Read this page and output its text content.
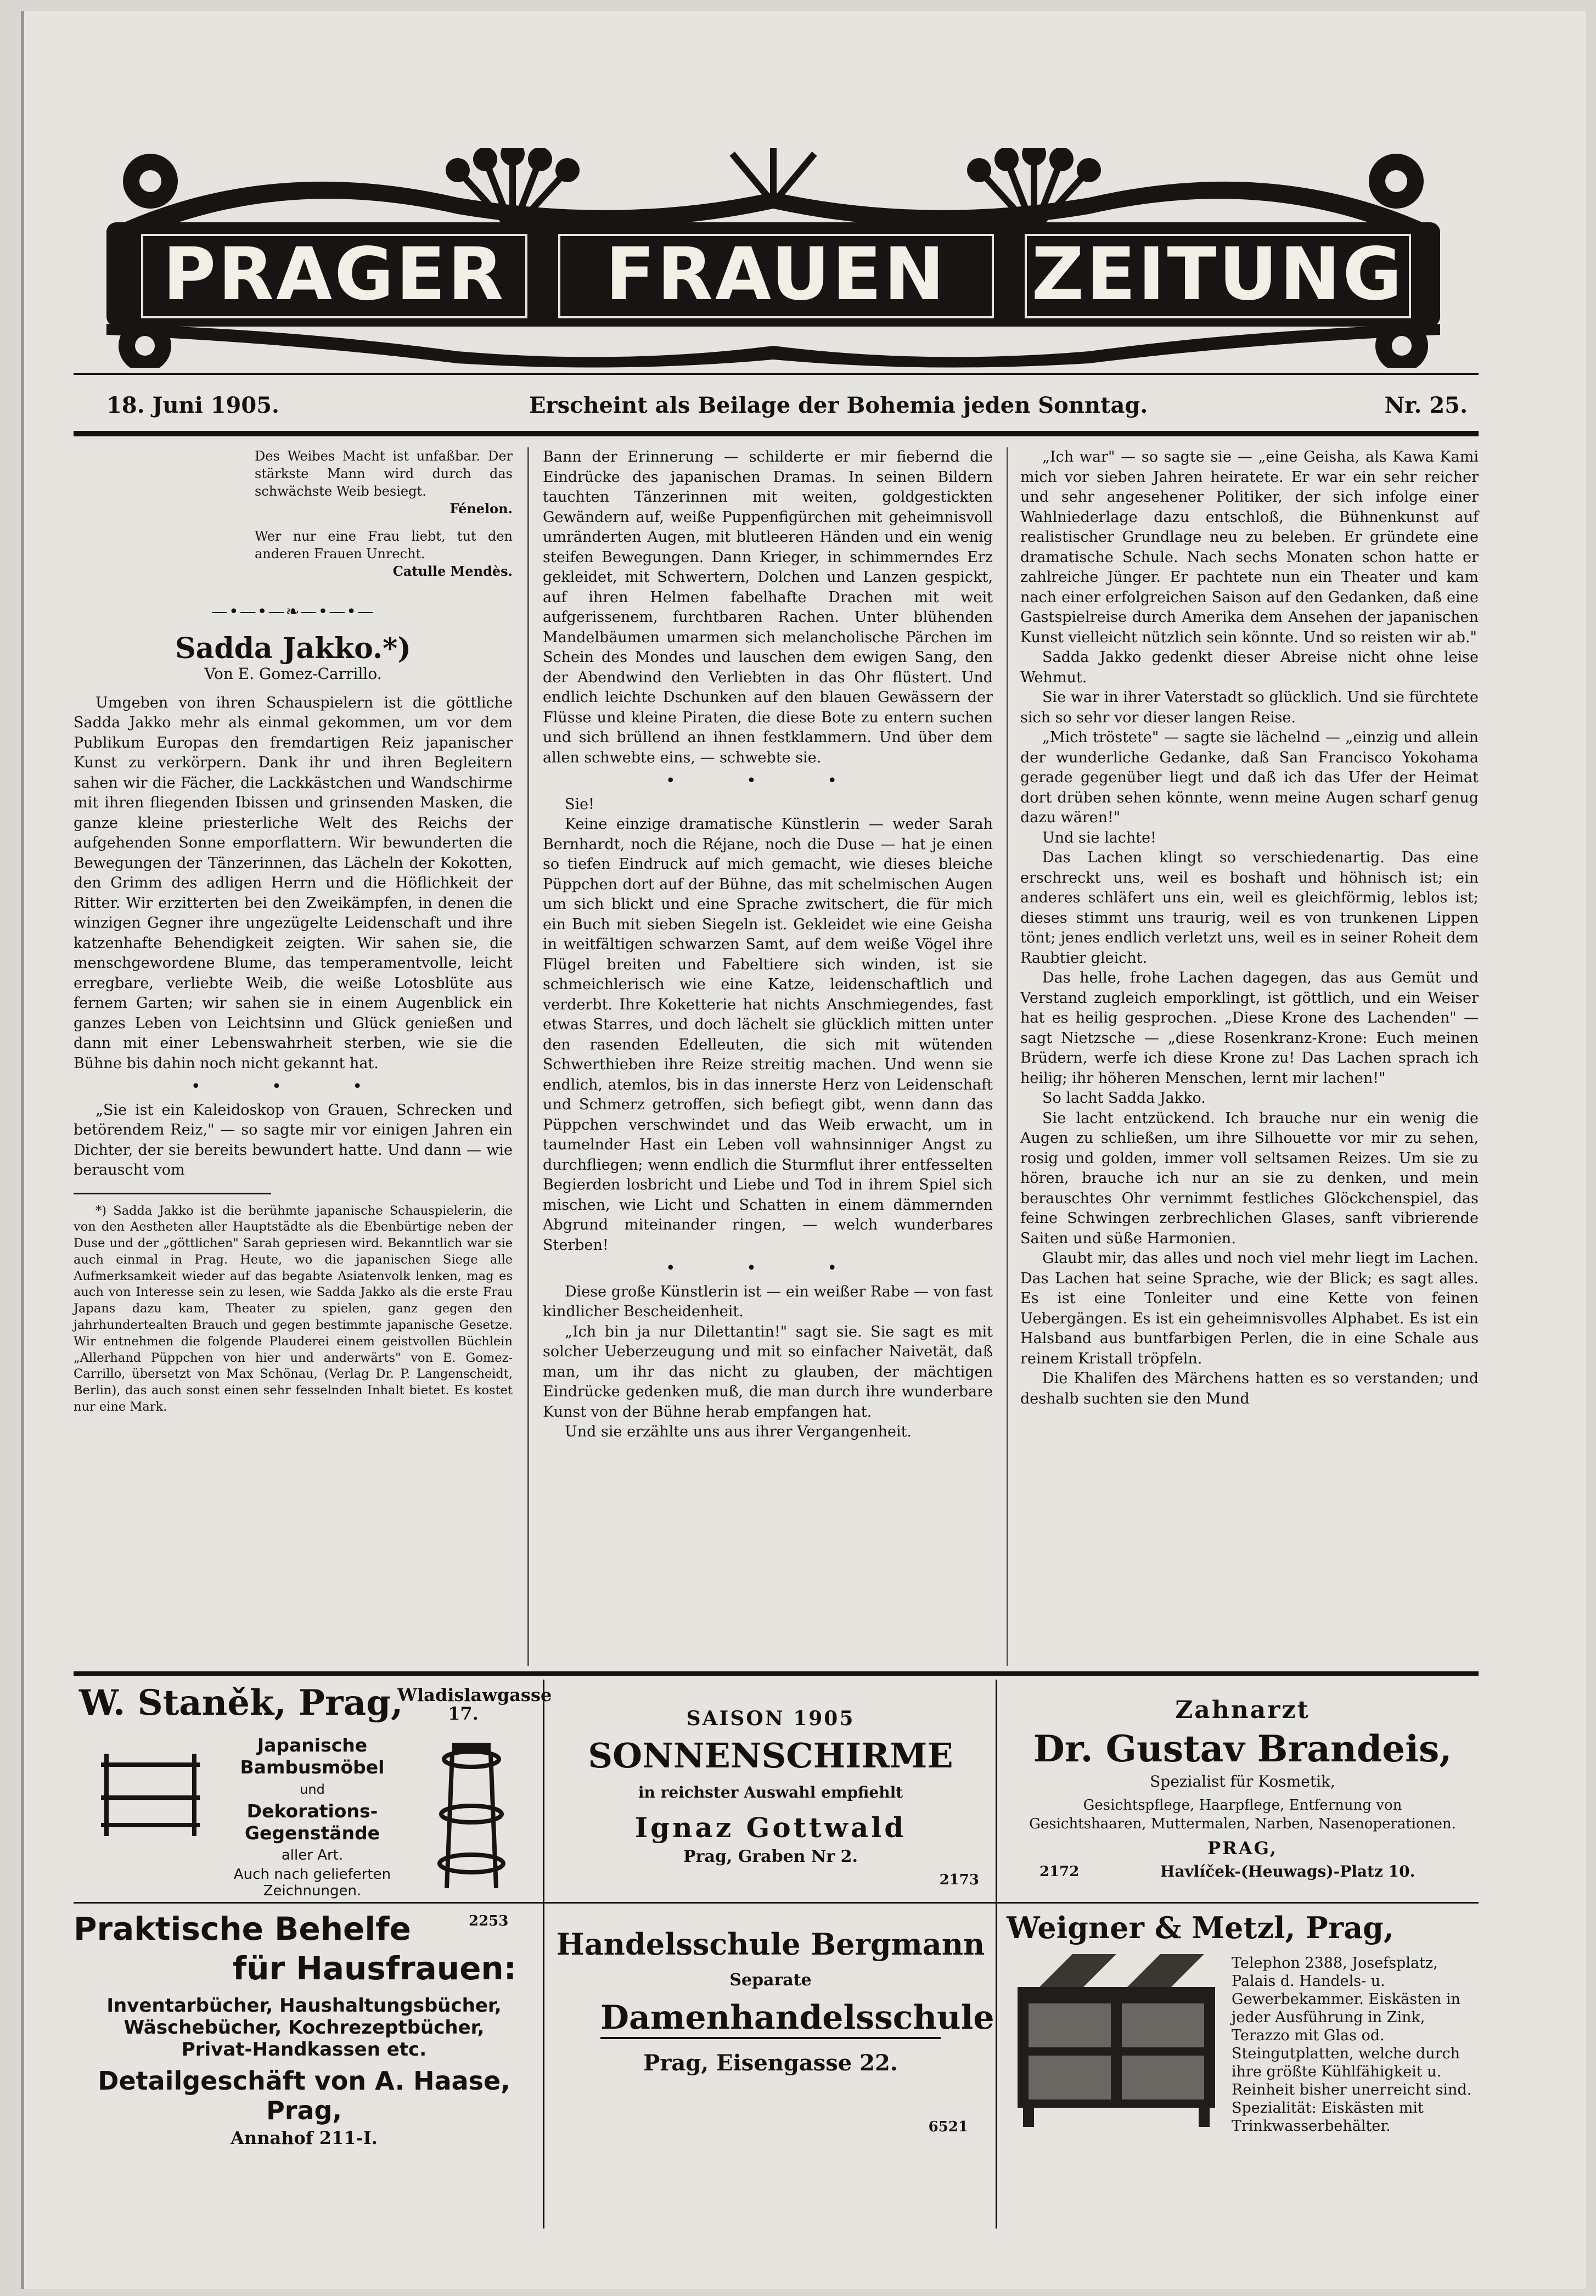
PRAGER	FRAUEN	ZEITUNG
18. Juni 1905.	Erscheint als Beilage der Bohemia jeden Sonntag.	Nr. 25.
Des Weibes Macht ist unfaßbar. Der stärkste Mann wird durch das schwächste Weib besiegt.
Fénelon.
Wer nur eine Frau liebt, tut den anderen Frauen Unrecht.
Catulle Mendès.
—•—•—❧—•—•—
Sadda Jakko.*)
Von E. Gomez-Carrillo.

Umgeben von ihren Schauspielern ist die göttliche Sadda Jakko mehr als einmal gekommen, um vor dem Publikum Europas den fremdartigen Reiz japanischer Kunst zu verkörpern. Dank ihr und ihren Begleitern sahen wir die Fächer, die Lackkästchen und Wandschirme mit ihren fliegenden Ibissen und grinsenden Masken, die ganze kleine priesterliche Welt des Reichs der aufgehenden Sonne emporflattern. Wir bewunderten die Bewegungen der Tänzerinnen, das Lächeln der Kokotten, den Grimm des adligen Herrn und die Höflichkeit der Ritter. Wir erzitterten bei den Zweikämpfen, in denen die winzigen Gegner ihre ungezügelte Leidenschaft und ihre katzenhafte Behendigkeit zeigten. Wir sahen sie, die menschgewordene Blume, das temperamentvolle, leicht erregbare, verliebte Weib, die weiße Lotosblüte aus fernem Garten; wir sahen sie in einem Augenblick ein ganzes Leben von Leichtsinn und Glück genießen und dann mit einer Lebenswahrheit sterben, wie sie die Bühne bis dahin noch nicht gekannt hat.

• • •

„Sie ist ein Kaleidoskop von Grauen, Schrecken und betörendem Reiz," — so sagte mir vor einigen Jahren ein Dichter, der sie bereits bewundert hatte. Und dann — wie berauscht vom

*) Sadda Jakko ist die berühmte japanische Schauspielerin, die von den Aestheten aller Hauptstädte als die Ebenbürtige neben der Duse und der „göttlichen" Sarah gepriesen wird. Bekanntlich war sie auch einmal in Prag. Heute, wo die japanischen Siege alle Aufmerksamkeit wieder auf das begabte Asiatenvolk lenken, mag es auch von Interesse sein zu lesen, wie Sadda Jakko als die erste Frau Japans dazu kam, Theater zu spielen, ganz gegen den jahrhundertealten Brauch und gegen bestimmte japanische Gesetze. Wir entnehmen die folgende Plauderei einem geistvollen Büchlein „Allerhand Püppchen von hier und anderwärts" von E. Gomez-Carrillo, übersetzt von Max Schönau, (Verlag Dr. P. Langenscheidt, Berlin), das auch sonst einen sehr fesselnden Inhalt bietet. Es kostet nur eine Mark.

Bann der Erinnerung — schilderte er mir fiebernd die Eindrücke des japanischen Dramas. In seinen Bildern tauchten Tänzerinnen mit weiten, goldgestickten Gewändern auf, weiße Puppenfigürchen mit geheimnisvoll umränderten Augen, mit blutleeren Händen und ein wenig steifen Bewegungen. Dann Krieger, in schimmerndes Erz gekleidet, mit Schwertern, Dolchen und Lanzen gespickt, auf ihren Helmen fabelhafte Drachen mit weit aufgerissenem, furchtbaren Rachen. Unter blühenden Mandelbäumen umarmen sich melancholische Pärchen im Schein des Mondes und lauschen dem ewigen Sang, den der Abendwind den Verliebten in das Ohr flüstert. Und endlich leichte Dschunken auf den blauen Gewässern der Flüsse und kleine Piraten, die diese Bote zu entern suchen und sich brüllend an ihnen festklammern. Und über dem allen schwebte eins, — schwebte sie.

• • •

Sie!

Keine einzige dramatische Künstlerin — weder Sarah Bernhardt, noch die Réjane, noch die Duse — hat je einen so tiefen Eindruck auf mich gemacht, wie dieses bleiche Püppchen dort auf der Bühne, das mit schelmischen Augen um sich blickt und eine Sprache zwitschert, die für mich ein Buch mit sieben Siegeln ist. Gekleidet wie eine Geisha in weitfältigen schwarzen Samt, auf dem weiße Vögel ihre Flügel breiten und Fabeltiere sich winden, ist sie schmeichlerisch wie eine Katze, leidenschaftlich und verderbt. Ihre Koketterie hat nichts Anschmiegendes, fast etwas Starres, und doch lächelt sie glücklich mitten unter den rasenden Edelleuten, die sich mit wütenden Schwerthieben ihre Reize streitig machen. Und wenn sie endlich, atemlos, bis in das innerste Herz von Leidenschaft und Schmerz getroffen, sich befiegt gibt, wenn dann das Püppchen verschwindet und das Weib erwacht, um in taumelnder Hast ein Leben voll wahnsinniger Angst zu durchfliegen; wenn endlich die Sturmflut ihrer entfesselten Begierden losbricht und Liebe und Tod in ihrem Spiel sich mischen, wie Licht und Schatten in einem dämmernden Abgrund miteinander ringen, — welch wunderbares Sterben!

• • •

Diese große Künstlerin ist — ein weißer Rabe — von fast kindlicher Bescheidenheit.

„Ich bin ja nur Dilettantin!" sagt sie. Sie sagt es mit solcher Ueberzeugung und mit so einfacher Naivetät, daß man, um ihr das nicht zu glauben, der mächtigen Eindrücke gedenken muß, die man durch ihre wunderbare Kunst von der Bühne herab empfangen hat.

Und sie erzählte uns aus ihrer Vergangenheit.

„Ich war" — so sagte sie — „eine Geisha, als Kawa Kami mich vor sieben Jahren heiratete. Er war ein sehr reicher und sehr angesehener Politiker, der sich infolge einer Wahlniederlage dazu entschloß, die Bühnenkunst auf realistischer Grundlage neu zu beleben. Er gründete eine dramatische Schule. Nach sechs Monaten schon hatte er zahlreiche Jünger. Er pachtete nun ein Theater und kam nach einer erfolgreichen Saison auf den Gedanken, daß eine Gastspielreise durch Amerika dem Ansehen der japanischen Kunst vielleicht nützlich sein könnte. Und so reisten wir ab."

Sadda Jakko gedenkt dieser Abreise nicht ohne leise Wehmut.

Sie war in ihrer Vaterstadt so glücklich. Und sie fürchtete sich so sehr vor dieser langen Reise.

„Mich tröstete" — sagte sie lächelnd — „einzig und allein der wunderliche Gedanke, daß San Francisco Yokohama gerade gegenüber liegt und daß ich das Ufer der Heimat dort drüben sehen könnte, wenn meine Augen scharf genug dazu wären!"

Und sie lachte!

Das Lachen klingt so verschiedenartig. Das eine erschreckt uns, weil es boshaft und höhnisch ist; ein anderes schläfert uns ein, weil es gleichförmig, leblos ist; dieses stimmt uns traurig, weil es von trunkenen Lippen tönt; jenes endlich verletzt uns, weil es in seiner Roheit dem Raubtier gleicht.

Das helle, frohe Lachen dagegen, das aus Gemüt und Verstand zugleich emporklingt, ist göttlich, und ein Weiser hat es heilig gesprochen. „Diese Krone des Lachenden" — sagt Nietzsche — „diese Rosenkranz-Krone: Euch meinen Brüdern, werfe ich diese Krone zu! Das Lachen sprach ich heilig; ihr höheren Menschen, lernt mir lachen!"

So lacht Sadda Jakko.

Sie lacht entzückend. Ich brauche nur ein wenig die Augen zu schließen, um ihre Silhouette vor mir zu sehen, rosig und golden, immer voll seltsamen Reizes. Um sie zu hören, brauche ich nur an sie zu denken, und mein berauschtes Ohr vernimmt festliches Glöckchenspiel, das feine Schwingen zerbrechlichen Glases, sanft vibrierende Saiten und süße Harmonien.

Glaubt mir, das alles und noch viel mehr liegt im Lachen. Das Lachen hat seine Sprache, wie der Blick; es sagt alles. Es ist eine Tonleiter und eine Kette von feinen Uebergängen. Es ist ein geheimnisvolles Alphabet. Es ist ein Halsband aus buntfarbigen Perlen, die in eine Schale aus reinem Kristall tröpfeln.

Die Khalifen des Märchens hatten es so verstanden; und deshalb suchten sie den Mund

W. Staněk, Prag,
Wladislawgasse 17.
Japanische
Bambusmöbel
und
Dekorations-
Gegenstände
aller Art.
Auch nach gelieferten Zeichnungen.
SAISON 1905
SONNENSCHIRME
in reichster Auswahl empfiehlt
Ignaz Gottwald
Prag, Graben Nr 2.
2173
Zahnarzt
Dr. Gustav Brandeis,
Spezialist für Kosmetik,
Gesichtspflege, Haarpflege, Entfernung von Gesichtshaaren, Muttermalen, Narben, Nasenoperationen.
PRAG,
2172	Havlíček-(Heuwags)-Platz 10.
Praktische Behelfe	2253
für Hausfrauen:
Inventarbücher, Haushaltungsbücher,
Wäschebücher, Kochrezeptbücher,
Privat-Handkassen etc.
Detailgeschäft von A. Haase, Prag,
Annahof 211-I.
Handelsschule Bergmann
Separate
Damenhandelsschule
Prag, Eisengasse 22.
6521
Weigner & Metzl, Prag,
Telephon 2388, Josefsplatz, Palais d. Handels- u. Gewerbekammer. Eiskästen in jeder Ausführung in Zink, Terazzo mit Glas od. Steingutplatten, welche durch ihre größte Kühlfähigkeit u. Reinheit bisher unerreicht sind. Spezialität: Eiskästen mit Trinkwasserbehälter.
